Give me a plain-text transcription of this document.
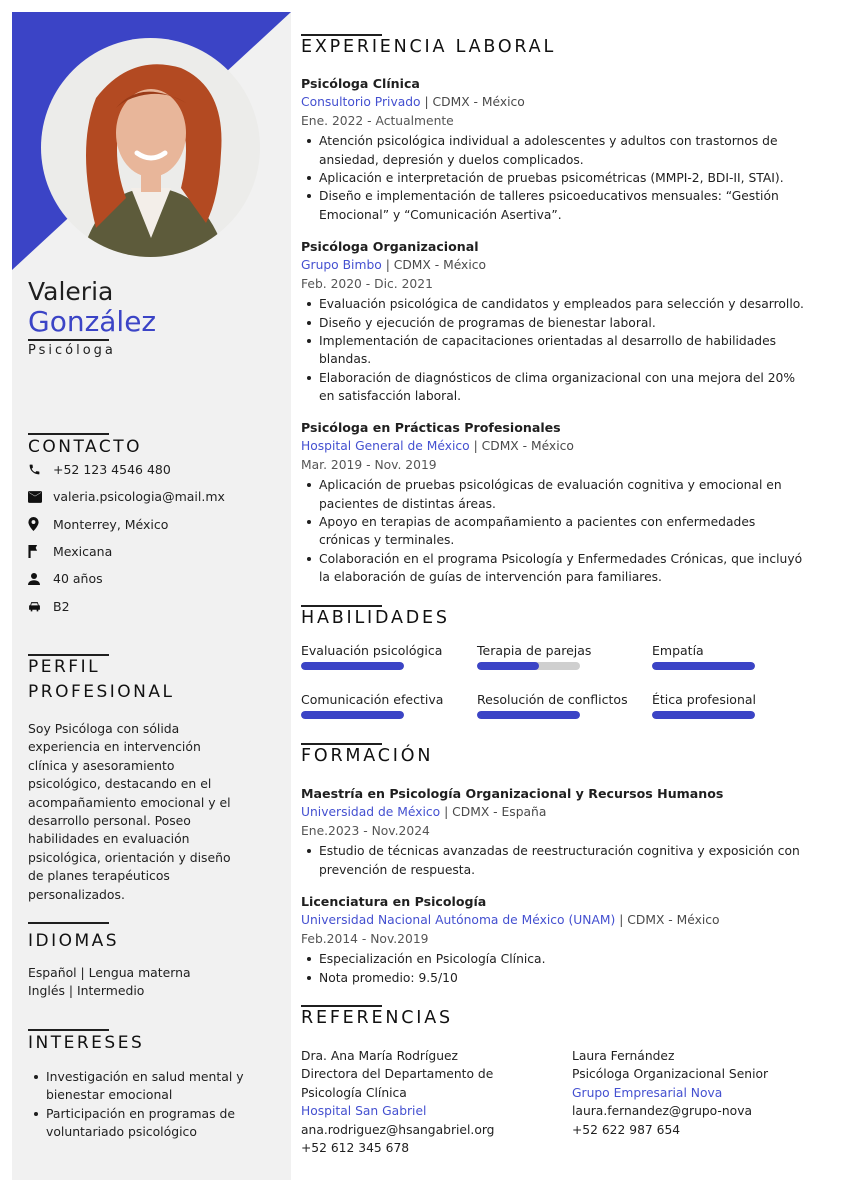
Valeria
González
Psicóloga
CONTACTO
+52 123 4546 480
valeria.psicologia@mail.mx
Monterrey, México
Mexicana
40 años
B2
PERFIL
PROFESIONAL
Soy Psicóloga con sólida experiencia en intervención clínica y asesoramiento psicológico, destacando en el acompañamiento emocional y el desarrollo personal. Poseo habilidades en evaluación psicológica, orientación y diseño de planes terapéuticos personalizados.
IDIOMAS
Español | Lengua materna
Inglés | Intermedio
INTERESES
Investigación en salud mental y bienestar emocional
Participación en programas de voluntariado psicológico
EXPERIENCIA LABORAL
Psicóloga Clínica
Consultorio Privado | CDMX - México
Ene. 2022 - Actualmente
Atención psicológica individual a adolescentes y adultos con trastornos de ansiedad, depresión y duelos complicados.
Aplicación e interpretación de pruebas psicométricas (MMPI-2, BDI-II, STAI).
Diseño e implementación de talleres psicoeducativos mensuales: “Gestión Emocional” y “Comunicación Asertiva”.
Psicóloga Organizacional
Grupo Bimbo | CDMX - México
Feb. 2020 - Dic. 2021
Evaluación psicológica de candidatos y empleados para selección y desarrollo.
Diseño y ejecución de programas de bienestar laboral.
Implementación de capacitaciones orientadas al desarrollo de habilidades blandas.
Elaboración de diagnósticos de clima organizacional con una mejora del 20% en satisfacción laboral.
Psicóloga en Prácticas Profesionales
Hospital General de México | CDMX - México
Mar. 2019 - Nov. 2019
Aplicación de pruebas psicológicas de evaluación cognitiva y emocional en pacientes de distintas áreas.
Apoyo en terapias de acompañamiento a pacientes con enfermedades crónicas y terminales.
Colaboración en el programa Psicología y Enfermedades Crónicas, que incluyó la elaboración de guías de intervención para familiares.
HABILIDADES
Evaluación psicológica	Terapia de parejas	Empatía
Comunicación efectiva	Resolución de conflictos	Ética profesional
FORMACIÓN
Maestría en Psicología Organizacional y Recursos Humanos
Universidad de México | CDMX - España
Ene.2023 - Nov.2024
Estudio de técnicas avanzadas de reestructuración cognitiva y exposición con prevención de respuesta.
Licenciatura en Psicología
Universidad Nacional Autónoma de México (UNAM) | CDMX - México
Feb.2014 - Nov.2019
Especialización en Psicología Clínica.
Nota promedio: 9.5/10
REFERENCIAS
Dra. Ana María Rodríguez
Directora del Departamento de Psicología Clínica
Hospital San Gabriel
ana.rodriguez@hsangabriel.org
+52 612 345 678
Laura Fernández
Psicóloga Organizacional Senior
Grupo Empresarial Nova
laura.fernandez@grupo-nova
+52 622 987 654
